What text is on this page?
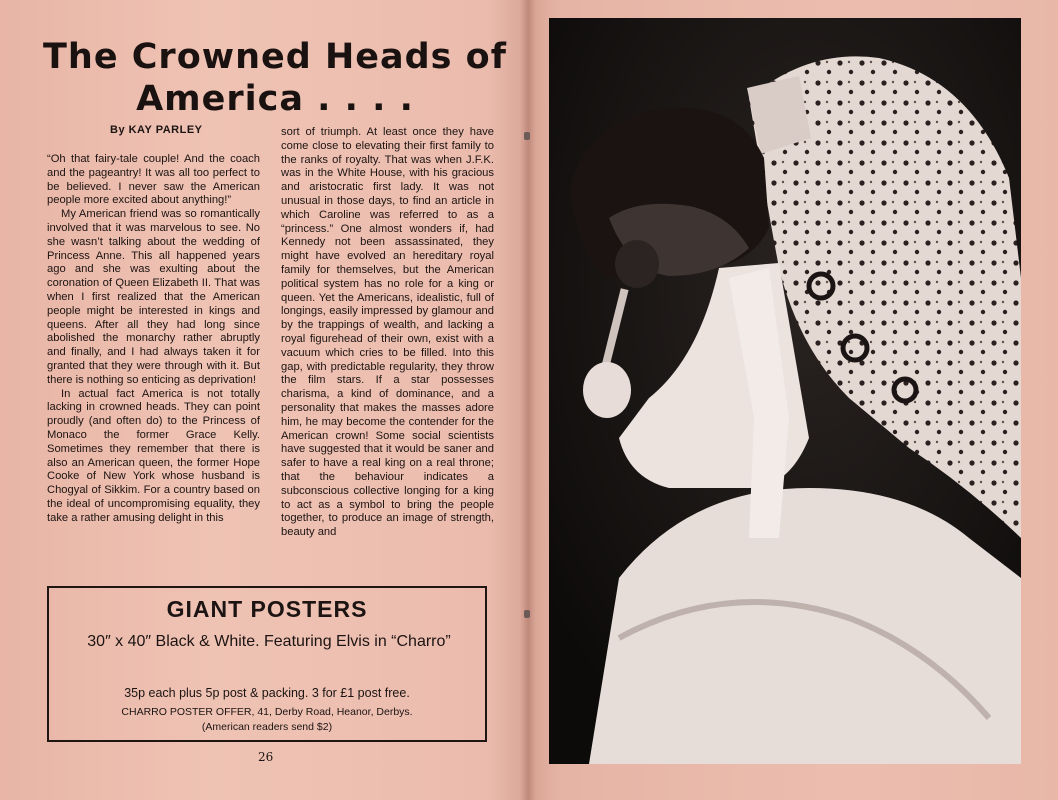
The Crowned Heads of America . . . .

By KAY PARLEY

“Oh that fairy-tale couple! And the coach and the pageantry! It was all too perfect to be believed. I never saw the American people more excited about anything!”

My American friend was so romantically involved that it was marvelous to see. No she wasn’t talking about the wedding of Princess Anne. This all happened years ago and she was exulting about the coronation of Queen Elizabeth II. That was when I first realized that the American people might be interested in kings and queens. After all they had long since abolished the monarchy rather abruptly and finally, and I had always taken it for granted that they were through with it. But there is nothing so enticing as deprivation!

In actual fact America is not totally lacking in crowned heads. They can point proudly (and often do) to the Princess of Monaco the former Grace Kelly. Sometimes they remember that there is also an American queen, the former Hope Cooke of New York whose husband is Chogyal of Sikkim. For a country based on the ideal of uncompromising equality, they take a rather amusing delight in this

sort of triumph. At least once they have come close to elevating their first family to the ranks of royalty. That was when J.F.K. was in the White House, with his gracious and aristocratic first lady. It was not unusual in those days, to find an article in which Caroline was referred to as a “princess.” One almost wonders if, had Kennedy not been assassinated, they might have evolved an hereditary royal family for themselves, but the American political system has no role for a king or queen. Yet the Americans, idealistic, full of longings, easily impressed by glamour and by the trappings of wealth, and lacking a royal figurehead of their own, exist with a vacuum which cries to be filled. Into this gap, with predictable regularity, they throw the film stars. If a star possesses charisma, a kind of dominance, and a personality that makes the masses adore him, he may become the contender for the American crown! Some social scientists have suggested that it would be saner and safer to have a real king on a real throne; that the behaviour indicates a subconscious collective longing for a king to act as a symbol to bring the people together, to produce an image of strength, beauty and

GIANT POSTERS

30″ x 40″ Black & White. Featuring Elvis in “Charro”

35p each plus 5p post & packing. 3 for £1 post free.

CHARRO POSTER OFFER, 41, Derby Road, Heanor, Derbys.

(American readers send $2)

26
